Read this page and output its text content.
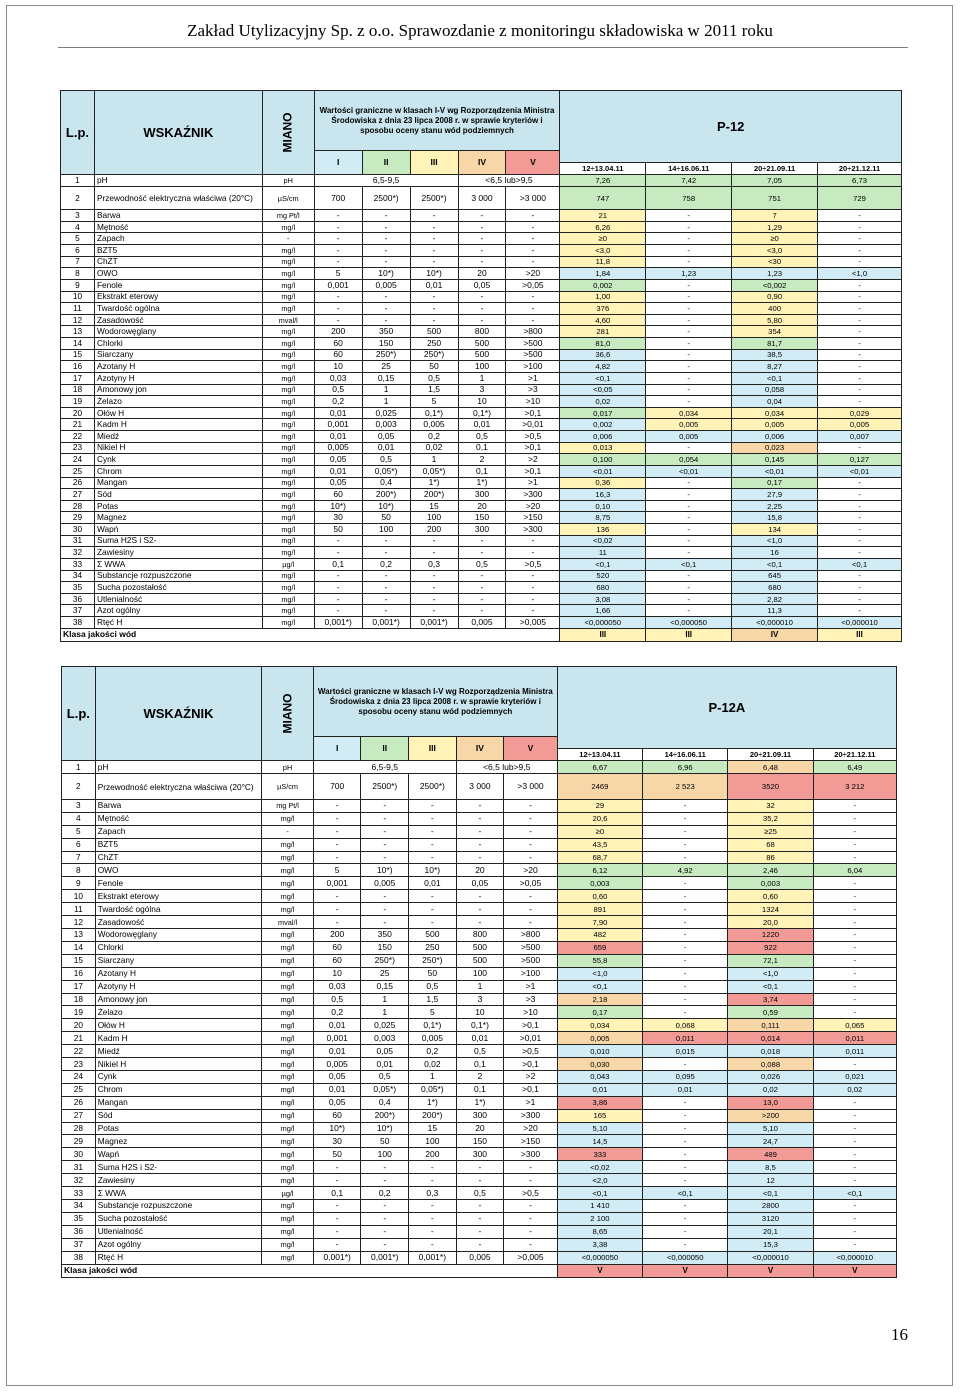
Zakład Utylizacyjny Sp. z o.o. Sprawozdanie z monitoringu składowiska w 2011 roku
L.p.	WSKAŹNIK	MIANO	Wartości graniczne w klasach I-V wg Rozporządzenia Ministra Środowiska z dnia 23 lipca 2008 r. w sprawie kryteriów i sposobu oceny stanu wód podziemnych					P-12			
			I	II	III	IV	V				
								12÷13.04.11	14÷16.06.11	20÷21.09.11	20÷21.12.11
1	pH	pH	6,5-9,5			<6,5 lub>9,5		7,26	7,42	7,05	6,73
2	Przewodność elektryczna właściwa (20°C)	µS/cm	700	2500*)	2500*)	3 000	>3 000	747	758	751	729
3	Barwa	mg Pt/l	-	-	-	-	-	21	-	7	-
4	Mętność	mg/l	-	-	-	-	-	6,26	-	1,29	-
5	Zapach	-	-	-	-	-	-	≥0	-	≥0	-
6	BZT5	mg/l	-	-	-	-	-	<3,0	-	<3,0	-
7	ChZT	mg/l	-	-	-	-	-	11,8	-	<30	-
8	OWO	mg/l	5	10*)	10*)	20	>20	1,84	1,23	1,23	<1,0
9	Fenole	mg/l	0,001	0,005	0,01	0,05	>0,05	0,002	-	<0,002	-
10	Ekstrakt eterowy	mg/l	-	-	-	-	-	1,00	-	0,90	-
11	Twardość ogólna	mg/l	-	-	-	-	-	376	-	400	-
12	Zasadowość	mval/l	-	-	-	-	-	4,60	-	5,80	-
13	Wodorowęglany	mg/l	200	350	500	800	>800	281	-	354	-
14	Chlorki	mg/l	60	150	250	500	>500	81,0	-	81,7	-
15	Siarczany	mg/l	60	250*)	250*)	500	>500	36,6	-	38,5	-
16	Azotany H	mg/l	10	25	50	100	>100	4,82	-	8,27	-
17	Azotyny H	mg/l	0,03	0,15	0,5	1	>1	<0,1	-	<0,1	-
18	Amonowy jon	mg/l	0,5	1	1,5	3	>3	<0,05	-	0,058	-
19	Żelazo	mg/l	0,2	1	5	10	>10	0,02	-	0,04	-
20	Ołów H	mg/l	0,01	0,025	0,1*)	0,1*)	>0,1	0,017	0,034	0,034	0,029
21	Kadm H	mg/l	0,001	0,003	0,005	0,01	>0,01	0,002	0,005	0,005	0,005
22	Miedź	mg/l	0,01	0,05	0,2	0,5	>0,5	0,006	0,005	0,006	0,007
23	Nikiel H	mg/l	0,005	0,01	0,02	0,1	>0,1	0,013	-	0,023	-
24	Cynk	mg/l	0,05	0,5	1	2	>2	0,100	0,054	0,145	0,127
25	Chrom	mg/l	0,01	0,05*)	0,05*)	0,1	>0,1	<0,01	<0,01	<0,01	<0,01
26	Mangan	mg/l	0,05	0,4	1*)	1*)	>1	0,36	-	0,17	-
27	Sód	mg/l	60	200*)	200*)	300	>300	16,3	-	27,9	-
28	Potas	mg/l	10*)	10*)	15	20	>20	0,10	-	2,25	-
29	Magnez	mg/l	30	50	100	150	>150	8,75	-	15,8	-
30	Wapń	mg/l	50	100	200	300	>300	136	-	134	-
31	Suma H2S i S2-	mg/l	-	-	-	-	-	<0,02	-	<1,0	-
32	Zawiesiny	mg/l	-	-	-	-	-	11	-	16	-
33	Σ WWA	µg/l	0,1	0,2	0,3	0,5	>0,5	<0,1	<0,1	<0,1	<0,1
34	Substancje rozpuszczone	mg/l	-	-	-	-	-	520	-	645	-
35	Sucha pozostałość	mg/l	-	-	-	-	-	680	-	680	-
36	Utlenialność	mg/l	-	-	-	-	-	3,08	-	2,82	-
37	Azot ogólny	mg/l	-	-	-	-	-	1,66	-	11,3	-
38	Rtęć H	mg/l	0,001*)	0,001*)	0,001*)	0,005	>0,005	<0,000050	<0,000050	<0,000010	<0,000010
Klasa jakości wód								III	III	IV	III
L.p.	WSKAŹNIK	MIANO	Wartości graniczne w klasach I-V wg Rozporządzenia Ministra Środowiska z dnia 23 lipca 2008 r. w sprawie kryteriów i sposobu oceny stanu wód podziemnych					P-12A			
			I	II	III	IV	V				
								12÷13.04.11	14÷16.06.11	20÷21.09.11	20÷21.12.11
1	pH	pH	6,5-9,5			<6,5 lub>9,5		6,67	6,96	6,48	6,49
2	Przewodność elektryczna właściwa (20°C)	µS/cm	700	2500*)	2500*)	3 000	>3 000	2469	2 523	3520	3 212
3	Barwa	mg Pt/l	-	-	-	-	-	29	-	32	-
4	Mętność	mg/l	-	-	-	-	-	20,6	-	35,2	-
5	Zapach	-	-	-	-	-	-	≥0	-	≥25	-
6	BZT5	mg/l	-	-	-	-	-	43,5	-	68	-
7	ChZT	mg/l	-	-	-	-	-	68,7	-	86	-
8	OWO	mg/l	5	10*)	10*)	20	>20	6,12	4,92	2,46	6,04
9	Fenole	mg/l	0,001	0,005	0,01	0,05	>0,05	0,003	-	0,003	-
10	Ekstrakt eterowy	mg/l	-	-	-	-	-	0,60	-	0,60	-
11	Twardość ogólna	mg/l	-	-	-	-	-	891	-	1324	-
12	Zasadowość	mval/l	-	-	-	-	-	7,90	-	20,0	-
13	Wodorowęglany	mg/l	200	350	500	800	>800	482	-	1220	-
14	Chlorki	mg/l	60	150	250	500	>500	659	-	922	-
15	Siarczany	mg/l	60	250*)	250*)	500	>500	55,8	-	72,1	-
16	Azotany H	mg/l	10	25	50	100	>100	<1,0	-	<1,0	-
17	Azotyny H	mg/l	0,03	0,15	0,5	1	>1	<0,1	-	<0,1	-
18	Amonowy jon	mg/l	0,5	1	1,5	3	>3	2,18	-	3,74	-
19	Żelazo	mg/l	0,2	1	5	10	>10	0,17	-	0,59	-
20	Ołów H	mg/l	0,01	0,025	0,1*)	0,1*)	>0,1	0,034	0,068	0,111	0,065
21	Kadm H	mg/l	0,001	0,003	0,005	0,01	>0,01	0,005	0,011	0,014	0,011
22	Miedź	mg/l	0,01	0,05	0,2	0,5	>0,5	0,010	0,015	0,018	0,011
23	Nikiel H	mg/l	0,005	0,01	0,02	0,1	>0,1	0,030	-	0,088	-
24	Cynk	mg/l	0,05	0,5	1	2	>2	0,043	0,095	0,026	0,021
25	Chrom	mg/l	0,01	0,05*)	0,05*)	0,1	>0,1	0,01	0,01	0,02	0,02
26	Mangan	mg/l	0,05	0,4	1*)	1*)	>1	3,86	-	13,0	-
27	Sód	mg/l	60	200*)	200*)	300	>300	165	-	>200	-
28	Potas	mg/l	10*)	10*)	15	20	>20	5,10	-	5,10	-
29	Magnez	mg/l	30	50	100	150	>150	14,5	-	24,7	-
30	Wapń	mg/l	50	100	200	300	>300	333	-	489	-
31	Suma H2S i S2-	mg/l	-	-	-	-	-	<0,02	-	8,5	-
32	Zawiesiny	mg/l	-	-	-	-	-	<2,0	-	12	-
33	Σ WWA	µg/l	0,1	0,2	0,3	0,5	>0,5	<0,1	<0,1	<0,1	<0,1
34	Substancje rozpuszczone	mg/l	-	-	-	-	-	1 410	-	2800	-
35	Sucha pozostałość	mg/l	-	-	-	-	-	2 100	-	3120	-
36	Utlenialność	mg/l	-	-	-	-	-	8,65	-	20,1	-
37	Azot ogólny	mg/l	-	-	-	-	-	3,38	-	15,3	-
38	Rtęć H	mg/l	0,001*)	0,001*)	0,001*)	0,005	>0,005	<0,000050	<0,000050	<0,000010	<0,000010
Klasa jakości wód								V	V	V	V
16
